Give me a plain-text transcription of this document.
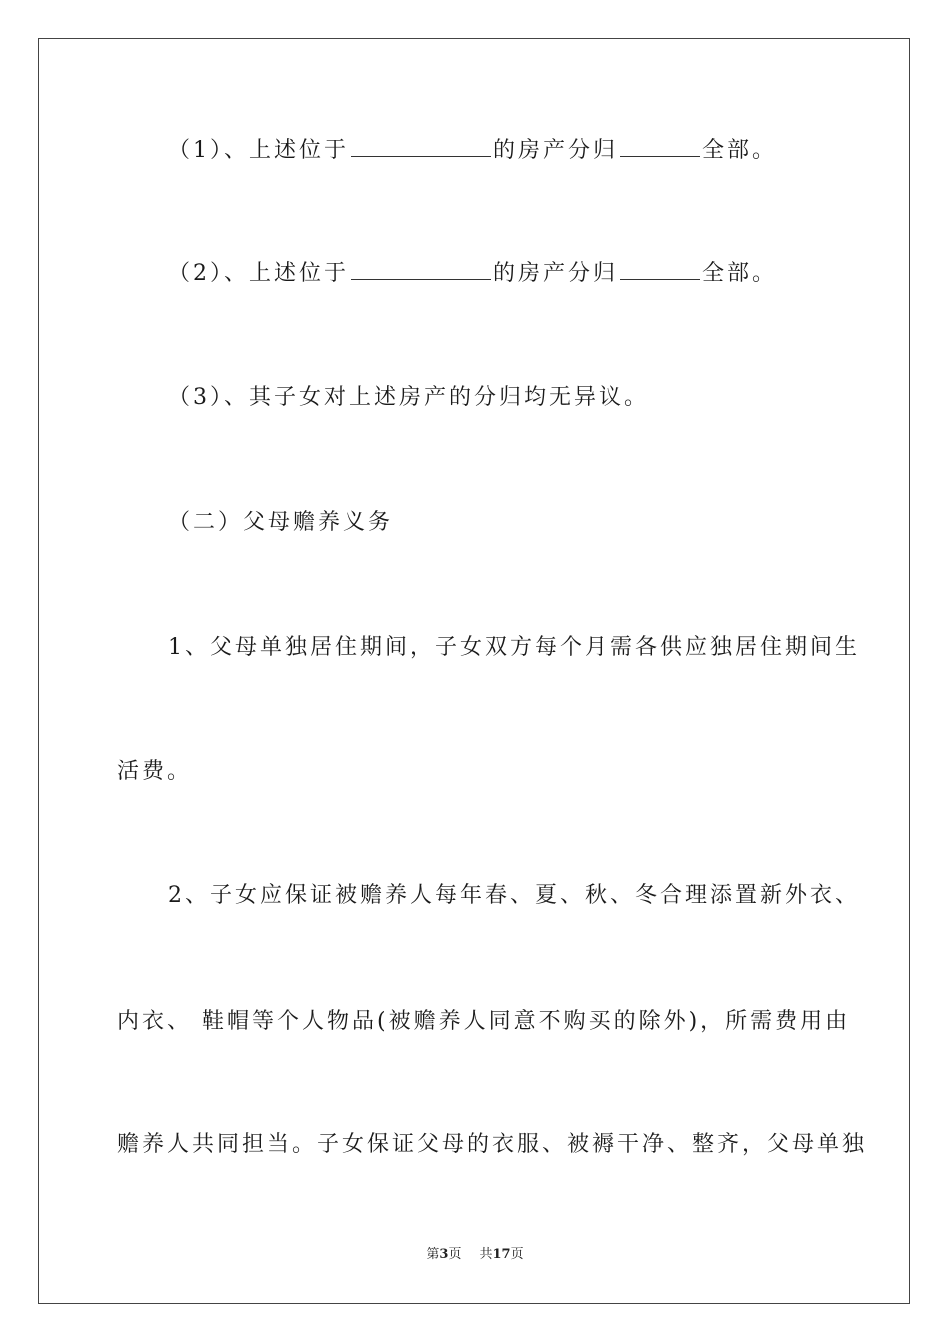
（1）、上述位于	的房产分归	全部。
（2）、上述位于	的房产分归	全部。
（3）、其子女对上述房产的分归均无异议。
（二）父母赡养义务
1、父母单独居住期间，子女双方每个月需各供应独居住期间生
活费。
2、子女应保证被赡养人每年春、夏、秋、冬合理添置新外衣、
内衣、 鞋帽等个人物品(被赡养人同意不购买的除外)，所需费用由
赡养人共同担当。子女保证父母的衣服、被褥干净、整齐，父母单独
第3页 共17页
